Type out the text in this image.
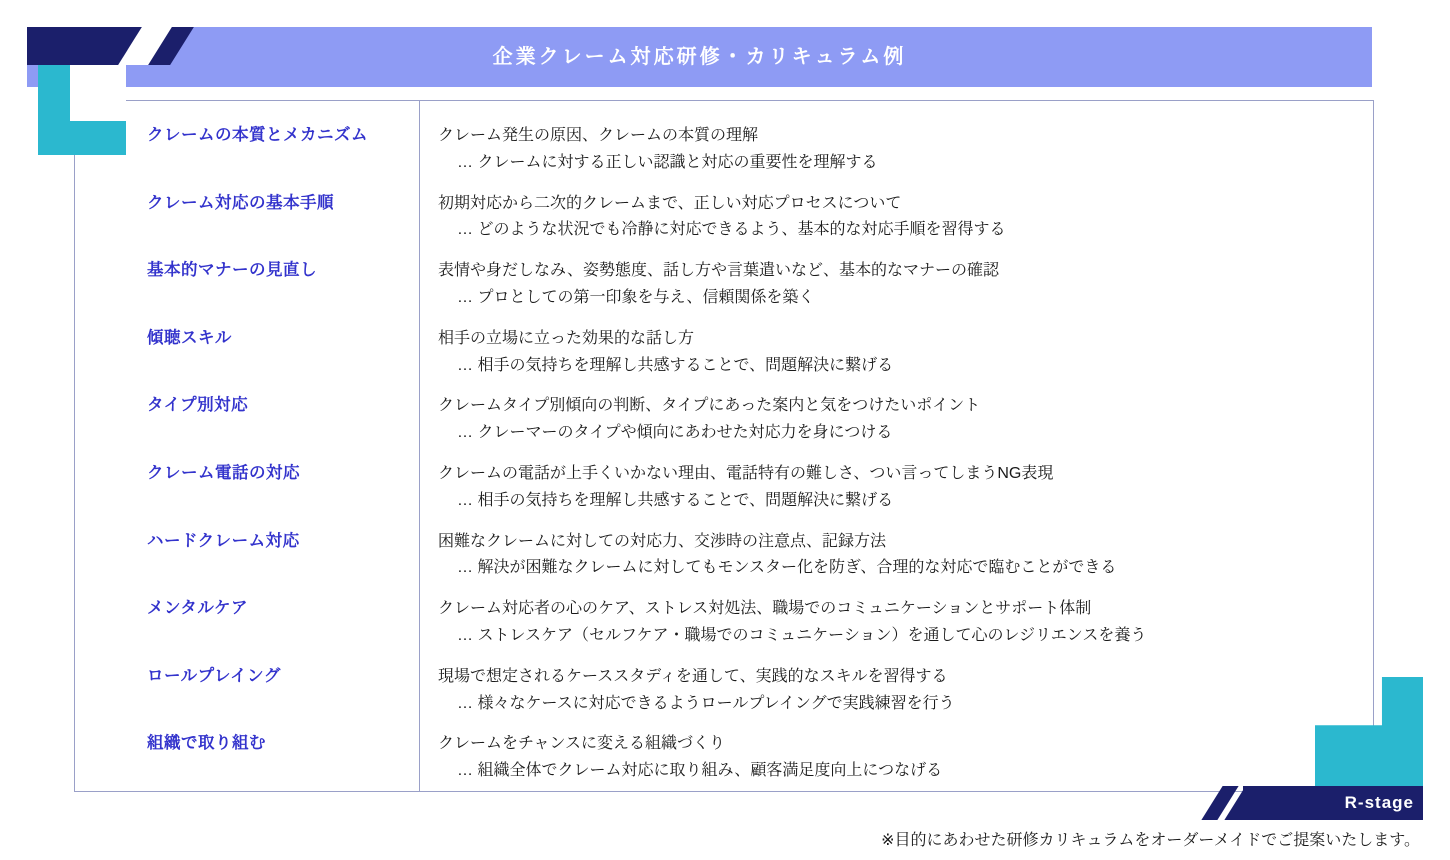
企業クレーム対応研修・カリキュラム例
クレームの本質とメカニズム	クレーム発生の原因、クレームの本質の理解
… クレームに対する正しい認識と対応の重要性を理解する
クレーム対応の基本手順	初期対応から二次的クレームまで、正しい対応プロセスについて
… どのような状況でも冷静に対応できるよう、基本的な対応手順を習得する
基本的マナーの見直し	表情や身だしなみ、姿勢態度、話し方や言葉遣いなど、基本的なマナーの確認
… プロとしての第一印象を与え、信頼関係を築く
傾聴スキル	相手の立場に立った効果的な話し方
… 相手の気持ちを理解し共感することで、問題解決に繋げる
タイプ別対応	クレームタイプ別傾向の判断、タイプにあった案内と気をつけたいポイント
… クレーマーのタイプや傾向にあわせた対応力を身につける
クレーム電話の対応	クレームの電話が上手くいかない理由、電話特有の難しさ、つい言ってしまうNG表現
… 相手の気持ちを理解し共感することで、問題解決に繋げる
ハードクレーム対応	困難なクレームに対しての対応力、交渉時の注意点、記録方法
… 解決が困難なクレームに対してもモンスター化を防ぎ、合理的な対応で臨むことができる
メンタルケア	クレーム対応者の心のケア、ストレス対処法、職場でのコミュニケーションとサポート体制
… ストレスケア（セルフケア・職場でのコミュニケーション）を通して心のレジリエンスを養う
ロールプレイング	現場で想定されるケーススタディを通して、実践的なスキルを習得する
… 様々なケースに対応できるようロールプレイングで実践練習を行う
組織で取り組む	クレームをチャンスに変える組織づくり
… 組織全体でクレーム対応に取り組み、顧客満足度向上につなげる
R-stage
※目的にあわせた研修カリキュラムをオーダーメイドでご提案いたします。
